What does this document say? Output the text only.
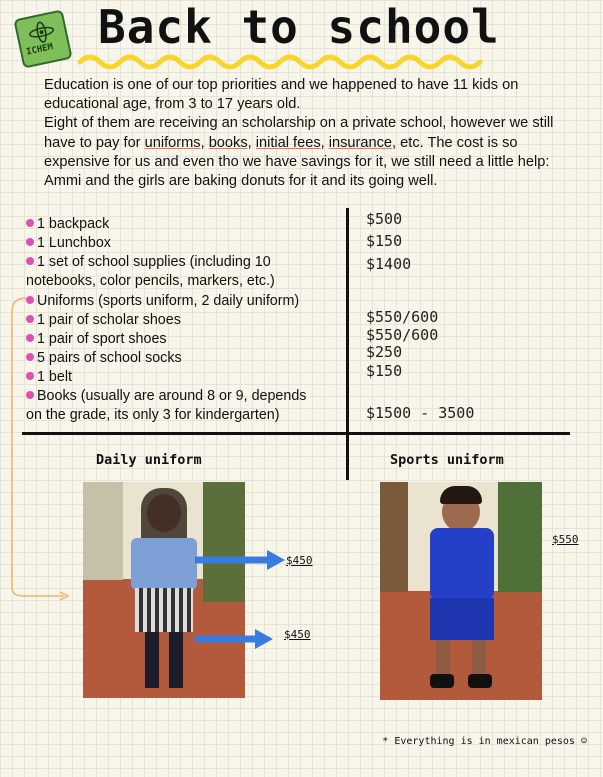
ICHEM Back to school

Education is one of our top priorities and we happened to have 11 kids on educational age, from 3 to 17 years old.

Eight of them are receiving an scholarship on a private school, however we still have to pay for uniforms, books, initial fees, insurance, etc. The cost is so expensive for us and even tho we have savings for it, we still need a little help: Ammi and the girls are baking donuts for it and its going well.

1 backpack
1 Lunchbox
1 set of school supplies (including 10 notebooks, color pencils, markers, etc.)
Uniforms (sports uniform, 2 daily uniform)
1 pair of scholar shoes
1 pair of sport shoes
5 pairs of school socks
1 belt
Books (usually are around 8 or 9, depends on the grade, its only 3 for kindergarten)
$500
$150
$1400
$550/600
$550/600
$250
$150
$1500 - 3500
Daily uniform	Sports uniform
$450
$450
$550
* Everything is in mexican pesos ☺
